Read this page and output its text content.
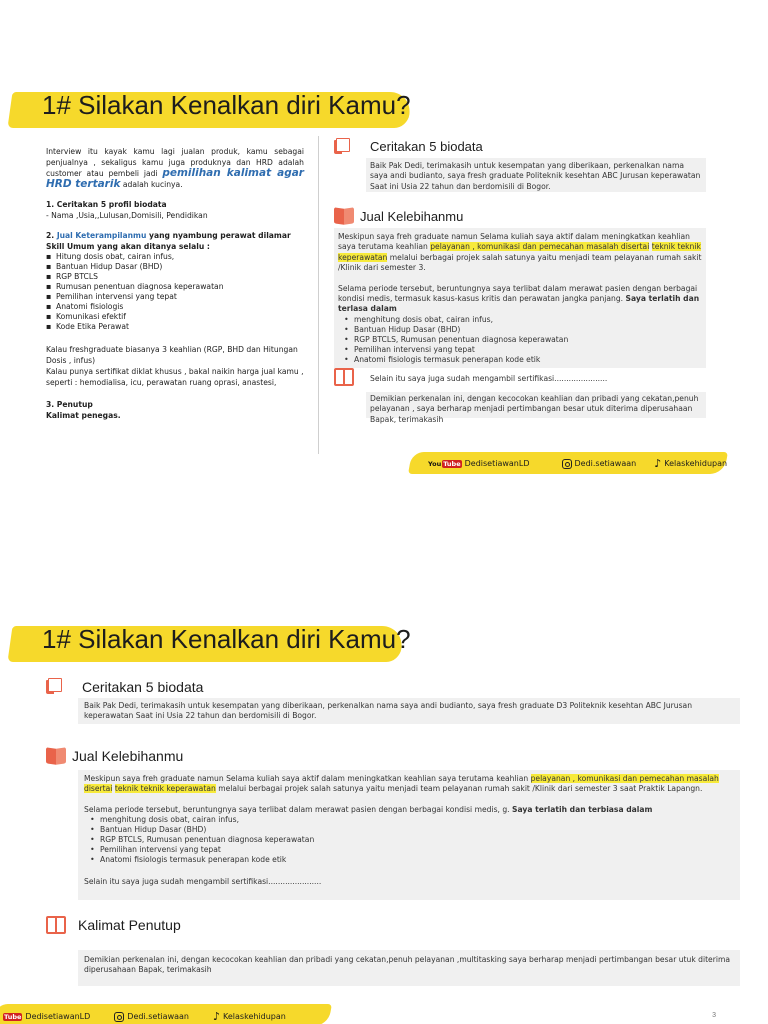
1# Silakan Kenalkan diri Kamu?

Interview itu kayak kamu lagi jualan produk, kamu sebagai penjualnya , sekaligus kamu juga produknya dan HRD adalah customer atau pembeli jadi pemilihan kalimat agar HRD tertarik adalah kucinya.

1. Ceritakan 5 profil biodata

- Nama ,Usia,,Lulusan,Domisili, Pendidikan

2. Jual Keterampilanmu yang nyambung perawat dilamar

Skill Umum yang akan ditanya selalu :

▪ Hitung dosis obat, cairan infus,
▪ Bantuan Hidup Dasar (BHD)
▪ RGP BTCLS
▪ Rumusan penentuan diagnosa keperawatan
▪ Pemilihan intervensi yang tepat
▪ Anatomi fisiologis
▪ Komunikasi efektif
▪ Kode Etika Perawat

Kalau freshgraduate biasanya 3 keahlian (RGP, BHD dan Hitungan Dosis , infus)

Kalau punya sertifikat diklat khusus , bakal naikin harga jual kamu , seperti : hemodialisa, icu, perawatan ruang oprasi, anastesi,

3. Penutup

Kalimat penegas.

Ceritakan 5 biodata
Baik Pak Dedi, terimakasih untuk kesempatan yang diberikaan, perkenalkan nama saya andi budianto, saya fresh graduate Politeknik kesehtan ABC Jurusan keperawatan Saat ini Usia 22 tahun dan berdomisili di Bogor.
Jual Kelebihanmu
Meskipun saya freh graduate namun Selama kuliah saya aktif dalam meningkatkan keahlian saya terutama keahlian pelayanan , komunikasi dan pemecahan masalah disertai teknik teknik keperawatan melalui berbagai projek salah satunya yaitu menjadi team pelayanan rumah sakit /Klinik dari semester 3.
Selama periode tersebut, beruntungnya saya terlibat dalam merawat pasien dengan berbagai kondisi medis, termasuk kasus-kasus kritis dan perawatan jangka panjang. Saya terlatih dan terlasa dalam
• menghitung dosis obat, cairan infus,
• Bantuan Hidup Dasar (BHD)
• RGP BTCLS, Rumusan penentuan diagnosa keperawatan
• Pemilihan intervensi yang tepat
• Anatomi fisiologis termasuk penerapan kode etik
Selain itu saya juga sudah mengambil sertifikasi......................
Demikian perkenalan ini, dengan kecocokan keahlian dan pribadi yang cekatan,penuh pelayanan , saya berharap menjadi pertimbangan besar utuk diterima diperusahaan Bapak, terimakasih
You Tube DedisetiawanLD	Dedi.setiawaan ♪ Kelaskehidupan
1# Silakan Kenalkan diri Kamu?
Ceritakan 5 biodata
Baik Pak Dedi, terimakasih untuk kesempatan yang diberikaan, perkenalkan nama saya andi budianto, saya fresh graduate D3 Politeknik kesehtan ABC Jurusan keperawatan Saat ini Usia 22 tahun dan berdomisili di Bogor.
Jual Kelebihanmu
Meskipun saya freh graduate namun Selama kuliah saya aktif dalam meningkatkan keahlian saya terutama keahlian pelayanan , komunikasi dan pemecahan masalah disertai teknik teknik keperawatan melalui berbagai projek salah satunya yaitu menjadi team pelayanan rumah sakit /Klinik dari semester 3 saat Praktik Lapangn.
Selama periode tersebut, beruntungnya saya terlibat dalam merawat pasien dengan berbagai kondisi medis, g. Saya terlatih dan terbiasa dalam
• menghitung dosis obat, cairan infus,
• Bantuan Hidup Dasar (BHD)
• RGP BTCLS, Rumusan penentuan diagnosa keperawatan
• Pemilihan intervensi yang tepat
• Anatomi fisiologis termasuk penerapan kode etik
Selain itu saya juga sudah mengambil sertifikasi......................
Kalimat Penutup
Demikian perkenalan ini, dengan kecocokan keahlian dan pribadi yang cekatan,penuh pelayanan ,multitasking saya berharap menjadi pertimbangan besar utuk diterima diperusahaan Bapak, terimakasih
Tube DedisetiawanLD	Dedi.setiawaan ♪ Kelaskehidupan	3
